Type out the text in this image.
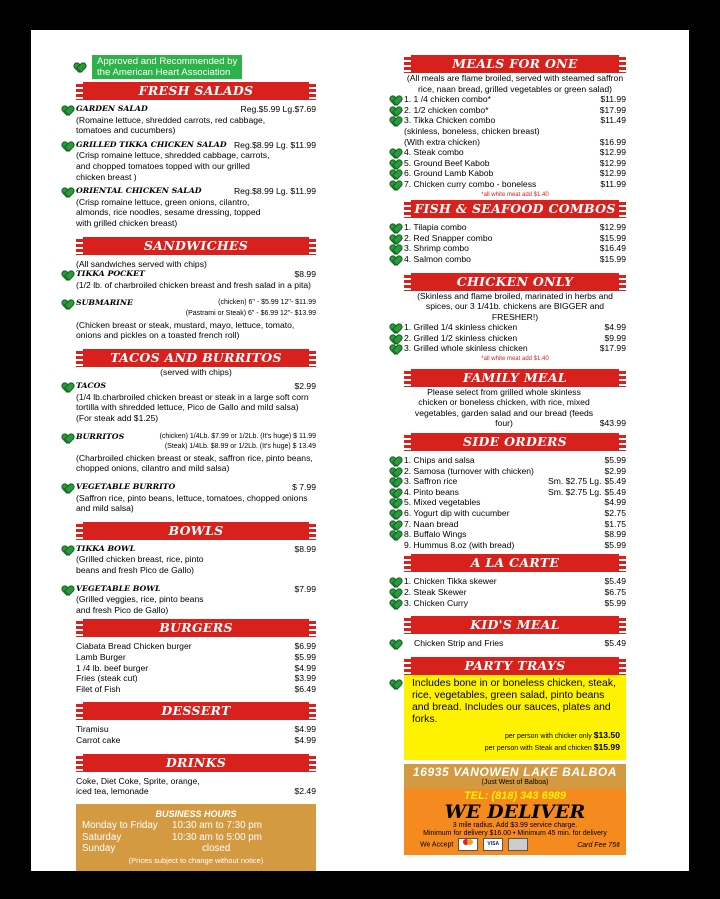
Approved and Recommended by
the American Heart Association
FRESH SALADS
GARDEN SALAD	Reg.$5.99 Lg.$7.69
(Romaine lettuce, shredded carrots, red cabbage, tomatoes and cucumbers)
GRILLED TIKKA CHICKEN SALAD Reg.$8.99 Lg. $11.99
(Crisp romaine lettuce, shredded cabbage, carrots, and chopped tomatoes topped with our grilled chicken breast )
ORIENTAL CHICKEN SALAD	Reg.$8.99 Lg. $11.99
(Crisp romaine lettuce, green onions, cilantro, almonds, rice noodles, sesame dressing, topped with grilled chicken breast)
SANDWICHES
(All sandwiches served with chips)
TIKKA POCKET	$8.99
(1/2 lb. of charbroiled chicken breast and fresh salad in a pita)
SUBMARINE	(chicken) 6" - $5.99 12"- $11.99
(Pastrami or Steak) 6" - $6.99 12"- $13.99
(Chicken breast or steak, mustard, mayo, lettuce, tomato, onions and pickles on a toasted french roll)
TACOS AND BURRITOS
(served with chips)
TACOS	$2.99
(1/4 lb.charbroiled chicken breast or steak in a large soft corn tortilla with shredded lettuce, Pico de Gallo and mild salsa)
(For steak add $1.25)
BURRITOS	(chicken) 1/4Lb. $7.99 or 1/2Lb. (It's huge) $ 11.99
(Steak) 1/4Lb. $8.99 or 1/2Lb. (It's huge) $ 13.49
(Charbroiled chicken breast or steak, saffron rice, pinto beans, chopped onions, cilantro and mild salsa)
VEGETABLE BURRITO	$ 7.99
(Saffron rice, pinto beans, lettuce, tomatoes, chopped onions and mild salsa)
BOWLS
TIKKA BOWL	$8.99
(Grilled chicken breast, rice, pinto beans and fresh Pico de Gallo)
VEGETABLE BOWL	$7.99
(Grilled veggies, rice, pinto beans and fresh Pico de Gallo)
BURGERS
Ciabata Bread Chicken burger	$6.99
Lamb Burger	$5.99
1 /4 lb. beef burger	$4.99
Fries (steak cut)	$3.99
Filet of Fish	$6.49
DESSERT
Tiramisu	$4.99
Carrot cake	$4.99
DRINKS
Coke, Diet Coke, Sprite, orange, iced tea, lemonade	$2.49
BUSINESS HOURS
Monday to Friday	10:30 am to 7:30 pm
Saturday	10:30 am to 5:00 pm
Sunday	closed
(Prices subject to change without notice)
MEALS FOR ONE
(All meals are flame broiled, served with steamed saffron rice, naan bread, grilled vegetables or green salad)
1. 1 /4 chicken combo*	$11.99
2. 1/2 chicken combo*	$17.99
3. Tikka Chicken combo	$11.49
(skinless, boneless, chicken breast)
(With extra chicken)	$16.99
4. Steak combo	$12.99
5. Ground Beef Kabob	$12.99
6. Ground Lamb Kabob	$12.99
7. Chicken curry combo - boneless	$11.99
*all white meat add $1.40
FISH & SEAFOOD COMBOS
1. Tilapia combo	$12.99
2. Red Snapper combo	$15.99
3. Shrimp combo	$16.49
4. Salmon combo	$15.99
CHICKEN ONLY
(Skinless and flame broiled, marinated in herbs and spices, our 3 1/41b. chickens are BIGGER and FRESHER!)
1. Grilled 1/4 skinless chicken	$4.99
2. Grilled 1/2 skinless chicken	$9.99
3. Grilled whole skinless chicken	$17.99
*all white meat add $1.40
FAMILY MEAL
Please select from grilled whole skinless chicken or boneless chicken, with rice, mixed vegetables, garden salad and our bread (feeds four)	$43.99
SIDE ORDERS
1. Chips and salsa	$5.99
2. Samosa (turnover with chicken)	$2.99
3. Saffron rice	Sm. $2.75 Lg. $5.49
4. Pinto beans	Sm. $2.75 Lg. $5.49
5. Mixed vegetables	$4.99
6. Yogurt dip with cucumber	$2.75
7. Naan bread	$1.75
8. Buffalo Wings	$8.99
9. Hummus 8.oz (with bread)	$5.99
A LA CARTE
1. Chicken Tikka skewer	$5.49
2. Steak Skewer	$6.75
3. Chicken Curry	$5.99
KID'S MEAL
Chicken Strip and Fries	$5.49
PARTY TRAYS
Includes bone in or boneless chicken, steak, rice, vegetables, green salad, pinto beans and bread. Includes our sauces, plates and forks.
per person with chicker only $13.50
per person with Steak and chicken $15.99
16935 VANOWEN LAKE BALBOA
(Just West of Balboa)
TEL: (818) 343 6989
WE DELIVER
3 mile radius. Add $3.99 service charge.
Minimum for delivery $16.00 • Minimum 45 min. for delivery
We Accept	VISA	Card Fee 75¢
